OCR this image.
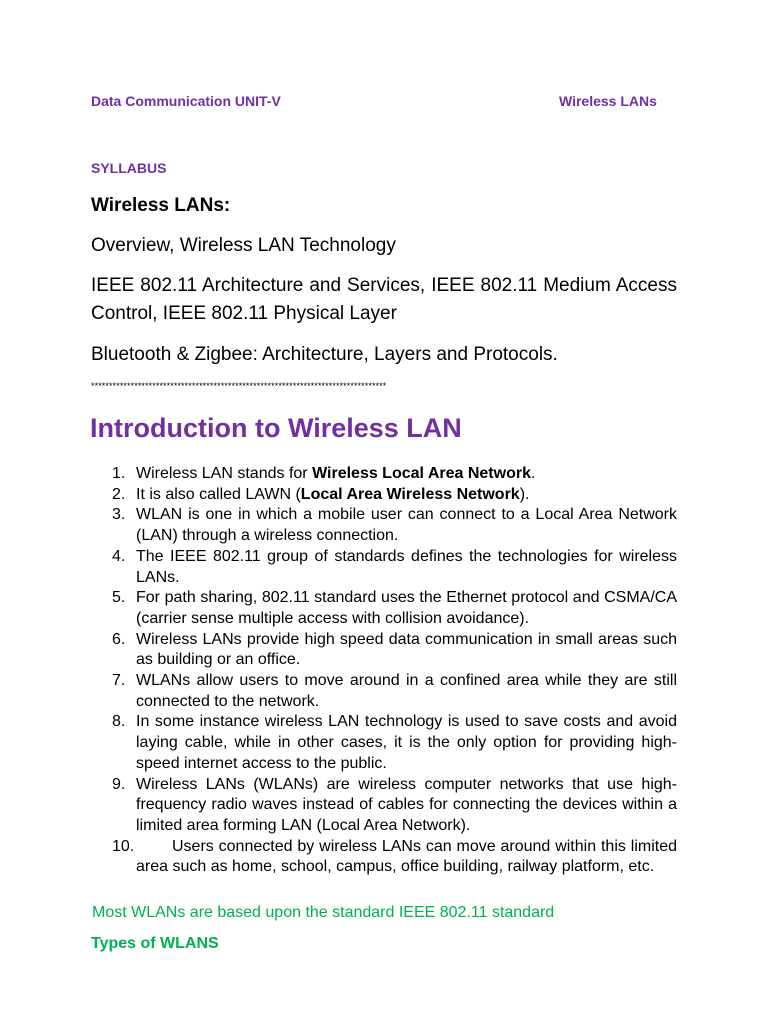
Data Communication UNIT-V	Wireless LANs
SYLLABUS
Wireless LANs:
Overview, Wireless LAN Technology
IEEE 802.11 Architecture and Services, IEEE 802.11 Medium Access Control, IEEE 802.11 Physical Layer
Bluetooth & Zigbee: Architecture, Layers and Protocols.
**********************************************************************************
Introduction to Wireless LAN
1. Wireless LAN stands for Wireless Local Area Network.
2. It is also called LAWN (Local Area Wireless Network).
3. WLAN is one in which a mobile user can connect to a Local Area Network (LAN) through a wireless connection.
4. The IEEE 802.11 group of standards defines the technologies for wireless LANs.
5. For path sharing, 802.11 standard uses the Ethernet protocol and CSMA/CA (carrier sense multiple access with collision avoidance).
6. Wireless LANs provide high speed data communication in small areas such as building or an office.
7. WLANs allow users to move around in a confined area while they are still connected to the network.
8. In some instance wireless LAN technology is used to save costs and avoid laying cable, while in other cases, it is the only option for providing high-speed internet access to the public.
9. Wireless LANs (WLANs) are wireless computer networks that use high-frequency radio waves instead of cables for connecting the devices within a limited area forming LAN (Local Area Network).
10. Users connected by wireless LANs can move around within this limited area such as home, school, campus, office building, railway platform, etc.
Most WLANs are based upon the standard IEEE 802.11 standard
Types of WLANS
